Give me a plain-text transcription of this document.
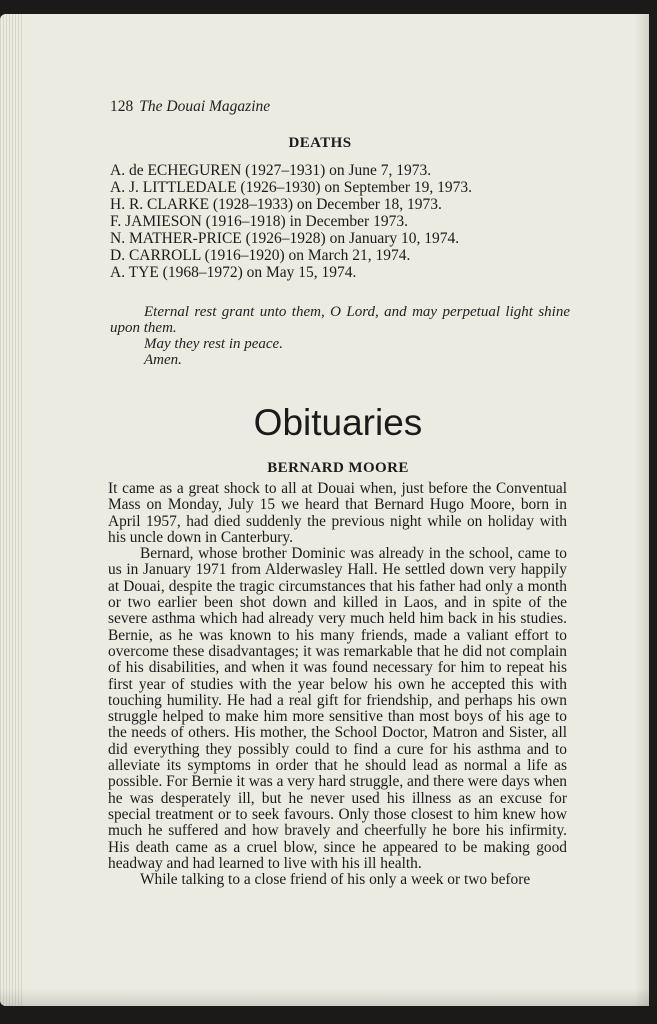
128 The Douai Magazine
DEATHS
A. de ECHEGUREN (1927–1931) on June 7, 1973.
A. J. LITTLEDALE (1926–1930) on September 19, 1973.
H. R. CLARKE (1928–1933) on December 18, 1973.
F. JAMIESON (1916–1918) in December 1973.
N. MATHER-PRICE (1926–1928) on January 10, 1974.
D. CARROLL (1916–1920) on March 21, 1974.
A. TYE (1968–1972) on May 15, 1974.

Eternal rest grant unto them, O Lord, and may perpetual light shine upon them.

May they rest in peace.

Amen.

Obituaries
BERNARD MOORE

It came as a great shock to all at Douai when, just before the Conventual Mass on Monday, July 15 we heard that Bernard Hugo Moore, born in April 1957, had died suddenly the previous night while on holiday with his uncle down in Canterbury.

Bernard, whose brother Dominic was already in the school, came to us in January 1971 from Alderwasley Hall. He settled down very happily at Douai, despite the tragic circumstances that his father had only a month or two earlier been shot down and killed in Laos, and in spite of the severe asthma which had already very much held him back in his studies. Bernie, as he was known to his many friends, made a valiant effort to overcome these disadvantages; it was remarkable that he did not complain of his disabilities, and when it was found necessary for him to repeat his first year of studies with the year below his own he accepted this with touching humility. He had a real gift for friendship, and perhaps his own struggle helped to make him more sensitive than most boys of his age to the needs of others. His mother, the School Doctor, Matron and Sister, all did everything they possibly could to find a cure for his asthma and to alleviate its symptoms in order that he should lead as normal a life as possible. For Bernie it was a very hard struggle, and there were days when he was desperately ill, but he never used his illness as an excuse for special treatment or to seek favours. Only those closest to him knew how much he suffered and how bravely and cheerfully he bore his infirmity. His death came as a cruel blow, since he appeared to be making good headway and had learned to live with his ill health.

While talking to a close friend of his only a week or two before
